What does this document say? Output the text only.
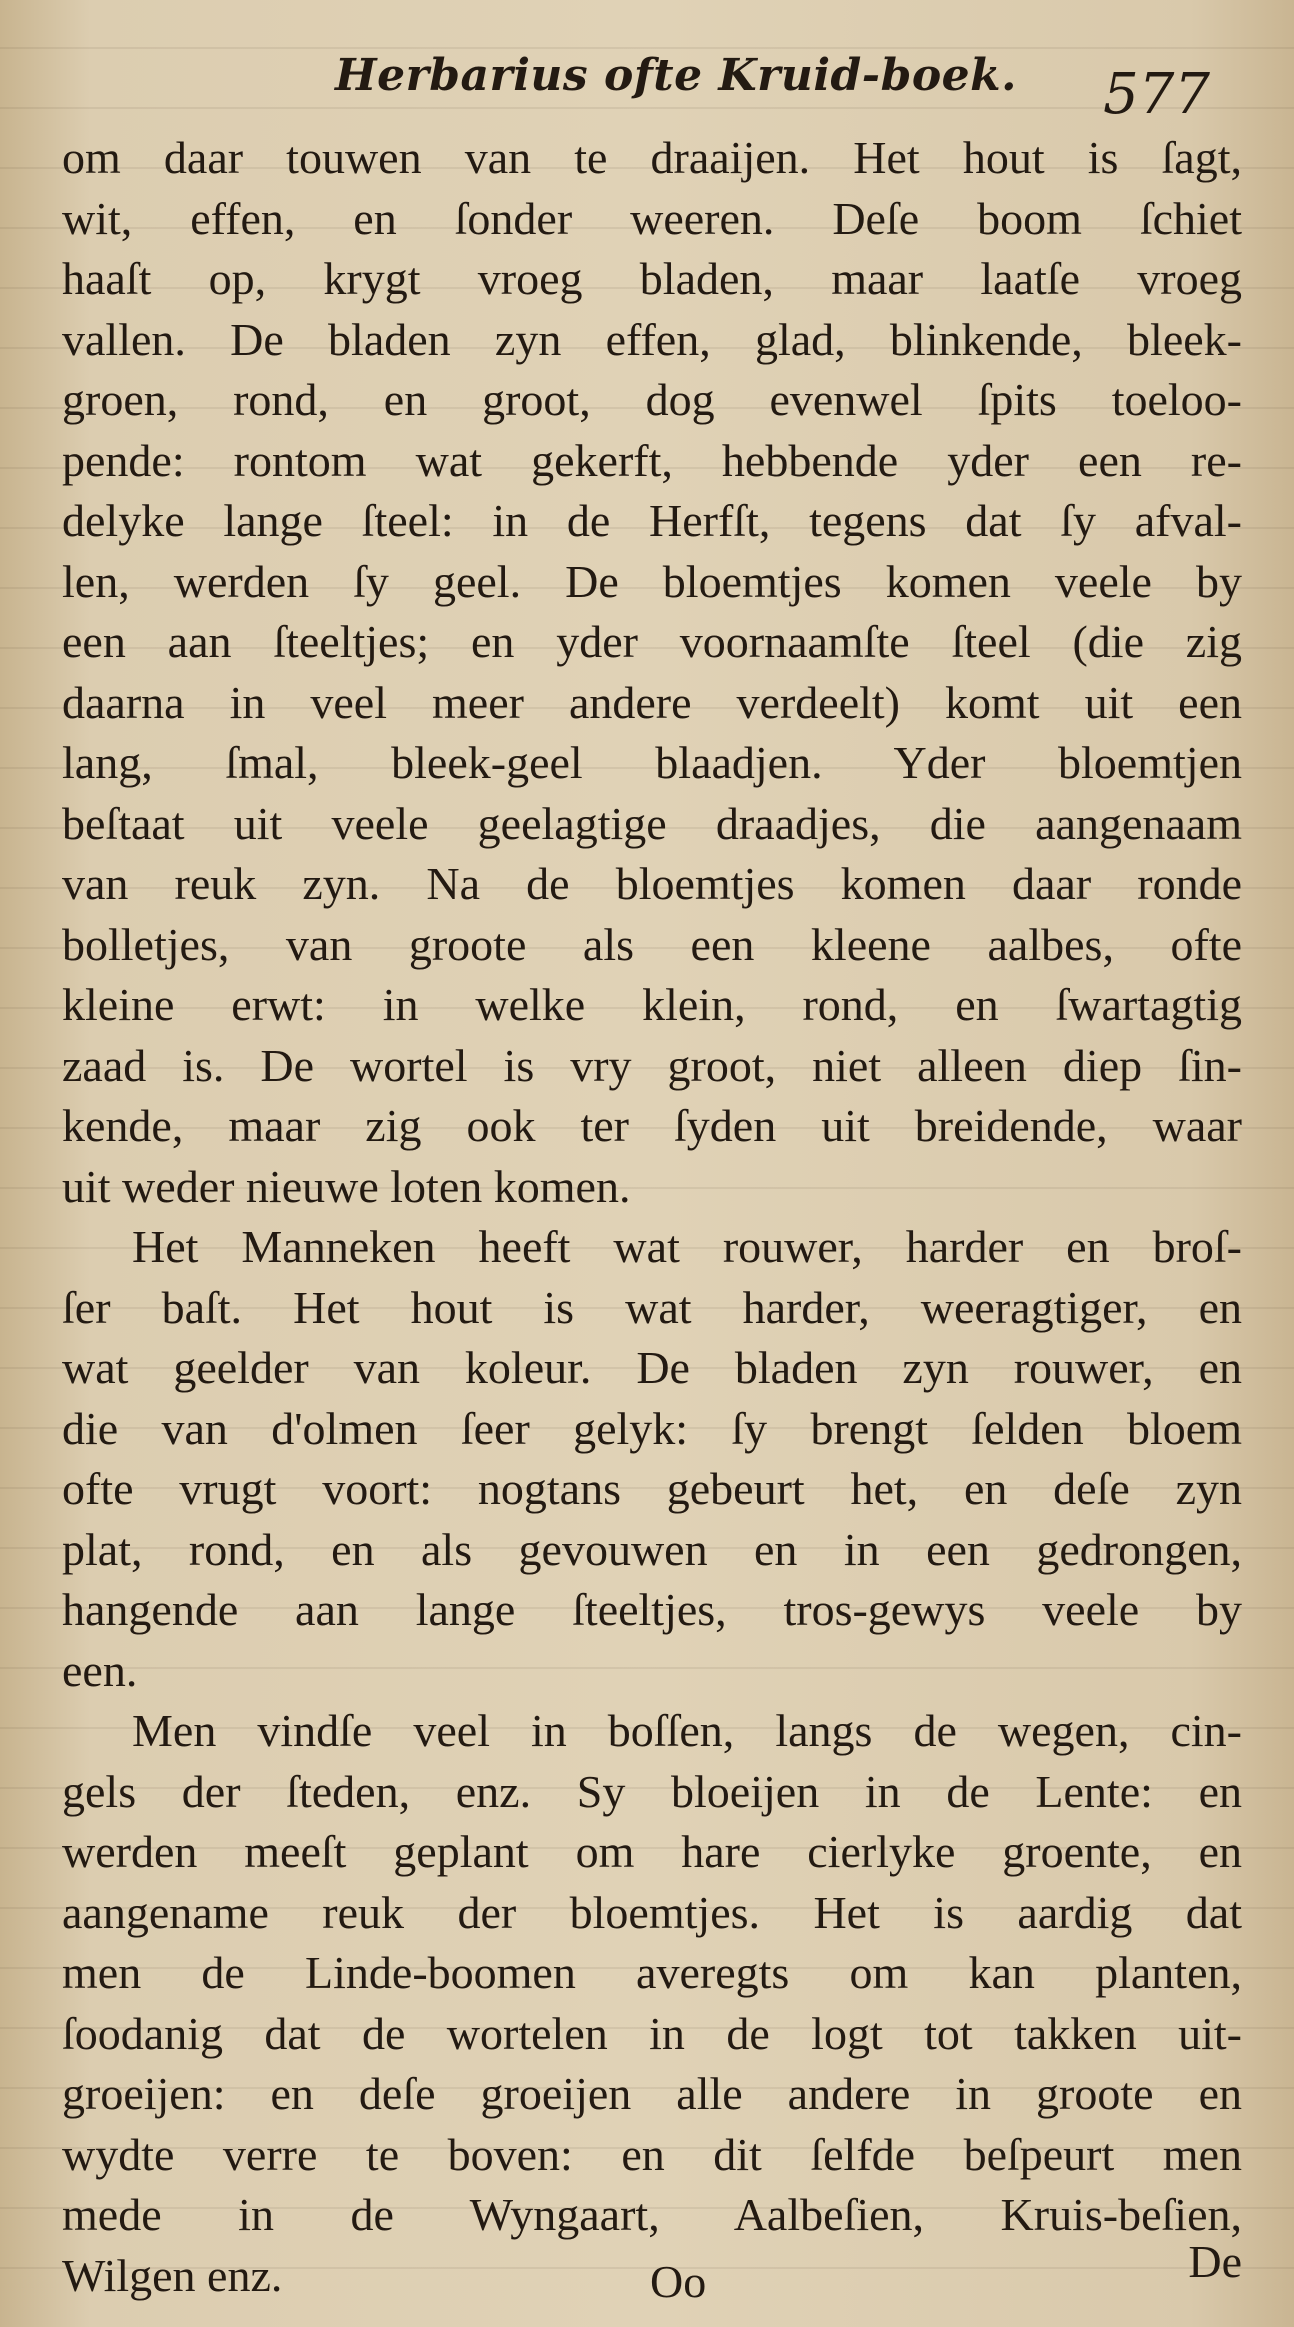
Herbarius ofte Kruid-boek. 577
om daar touwen van te draaijen. Het hout is ſagt,
wit, effen, en ſonder weeren. Deſe boom ſchiet
haaſt op, krygt vroeg bladen, maar laatſe vroeg
vallen. De bladen zyn effen, glad, blinkende, bleek-
groen, rond, en groot, dog evenwel ſpits toeloo-
pende: rontom wat gekerft, hebbende yder een re-
delyke lange ſteel: in de Herfſt, tegens dat ſy afval-
len, werden ſy geel. De bloemtjes komen veele by
een aan ſteeltjes; en yder voornaamſte ſteel (die zig
daarna in veel meer andere verdeelt) komt uit een
lang, ſmal, bleek-geel blaadjen. Yder bloemtjen
beſtaat uit veele geelagtige draadjes, die aangenaam
van reuk zyn. Na de bloemtjes komen daar ronde
bolletjes, van groote als een kleene aalbes, ofte
kleine erwt: in welke klein, rond, en ſwartagtig
zaad is. De wortel is vry groot, niet alleen diep ſin-
kende, maar zig ook ter ſyden uit breidende, waar
uit weder nieuwe loten komen.
Het Manneken heeft wat rouwer, harder en broſ-
ſer baſt. Het hout is wat harder, weeragtiger, en
wat geelder van koleur. De bladen zyn rouwer, en
die van d'olmen ſeer gelyk: ſy brengt ſelden bloem
ofte vrugt voort: nogtans gebeurt het, en deſe zyn
plat, rond, en als gevouwen en in een gedrongen,
hangende aan lange ſteeltjes, tros-gewys veele by
een.
Men vindſe veel in boſſen, langs de wegen, cin-
gels der ſteden, enz. Sy bloeijen in de Lente: en
werden meeſt geplant om hare cierlyke groente, en
aangename reuk der bloemtjes. Het is aardig dat
men de Linde-boomen averegts om kan planten,
ſoodanig dat de wortelen in de logt tot takken uit-
groeijen: en deſe groeijen alle andere in groote en
wydte verre te boven: en dit ſelfde beſpeurt men
mede in de Wyngaart, Aalbeſien, Kruis-beſien,
Wilgen enz.	Oo	De
